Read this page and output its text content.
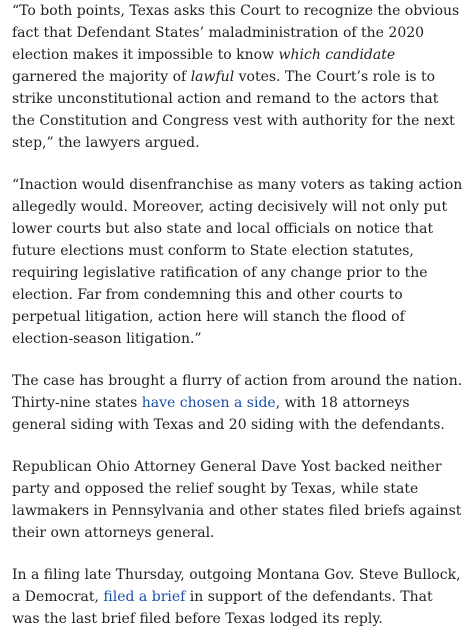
“To both points, Texas asks this Court to recognize the obvious fact that Defendant States’ maladministration of the 2020 election makes it impossible to know which candidate garnered the majority of lawful votes. The Court’s role is to strike unconstitutional action and remand to the actors that the Constitution and Congress vest with authority for the next step,” the lawyers argued.

“Inaction would disenfranchise as many voters as taking action allegedly would. Moreover, acting decisively will not only put lower courts but also state and local officials on notice that future elections must conform to State election statutes, requiring legislative ratification of any change prior to the election. Far from condemning this and other courts to perpetual litigation, action here will stanch the flood of election-season litigation.”

The case has brought a flurry of action from around the nation. Thirty-nine states have chosen a side, with 18 attorneys general siding with Texas and 20 siding with the defendants.

Republican Ohio Attorney General Dave Yost backed neither party and opposed the relief sought by Texas, while state lawmakers in Pennsylvania and other states filed briefs against their own attorneys general.

In a filing late Thursday, outgoing Montana Gov. Steve Bullock, a Democrat, filed a brief in support of the defendants. That was the last brief filed before Texas lodged its reply.
